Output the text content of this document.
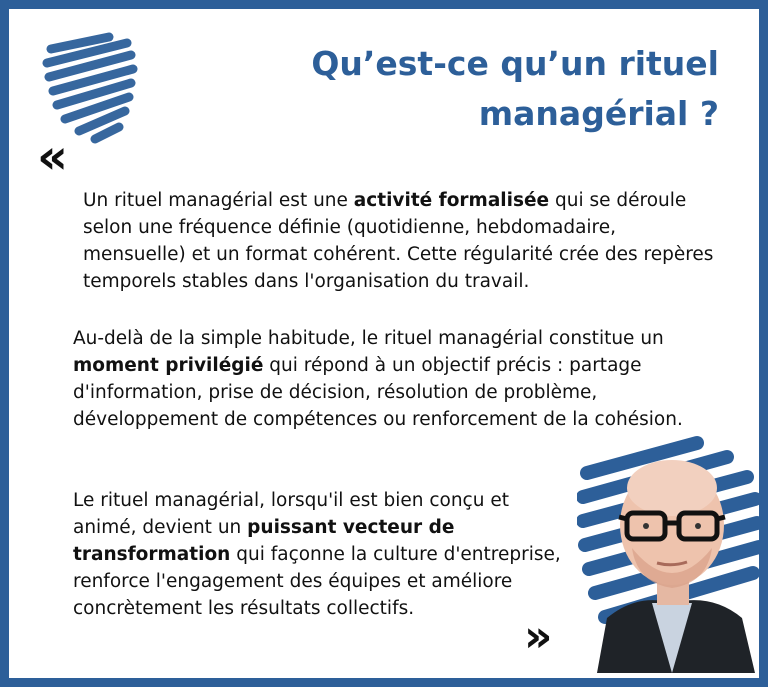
Qu’est-ce qu’un rituel
managérial ?
«

Un rituel managérial est une activité formalisée qui se déroule selon une fréquence définie (quotidienne, hebdomadaire, mensuelle) et un format cohérent. Cette régularité crée des repères temporels stables dans l'organisation du travail.

Au-delà de la simple habitude, le rituel managérial constitue un moment privilégié qui répond à un objectif précis : partage d'information, prise de décision, résolution de problème, développement de compétences ou renforcement de la cohésion.

Le rituel managérial, lorsqu'il est bien conçu et animé, devient un puissant vecteur de transformation qui façonne la culture d'entreprise, renforce l'engagement des équipes et améliore concrètement les résultats collectifs.

»
